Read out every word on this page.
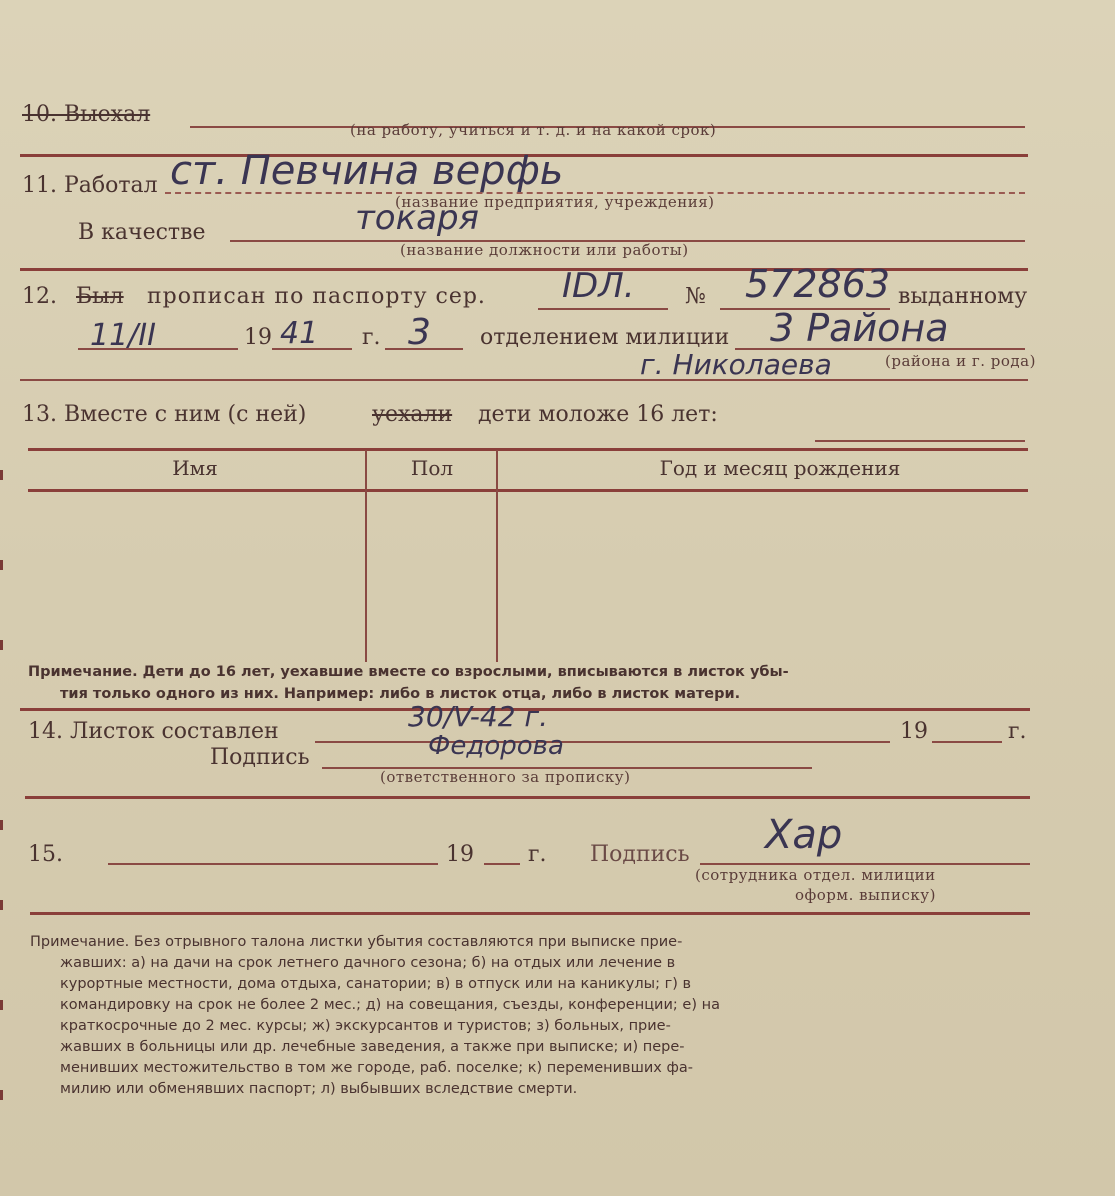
10. Выехал
(на работу, учиться и т. д. и на какой срок)
11. Работал ст. Певчина верфь
(название предприятия, учреждения)
В качестве	токаря
(название должности или работы)
12. Был прописан по паспорту сер. IDЛ. № 572863 выданному
11/II	19 41 г. 3 отделением милиции 3 Района
г. Николаева	(района и г. рода)
13. Вместе с ним (с ней)	уехали дети моложе 16 лет:
Имя	Пол	Год и месяц рождения
Примечание. Дети до 16 лет, уехавшие вместе со взрослыми, вписываются в листок убы-
тия только одного из них. Например: либо в листок отца, либо в листок матери.
14. Листок составлен	30/V-42 г.	19	г.
Подпись	Федорова
(ответственного за прописку)
15.	19 г. Подпись Хар
(сотрудника отдел. милиции
оформ. выписку)
Примечание. Без отрывного талона листки убытия составляются при выписке прие-
жавших: а) на дачи на срок летнего дачного сезона; б) на отдых или лечение в
курортные местности, дома отдыха, санатории; в) в отпуск или на каникулы; г) в
командировку на срок не более 2 мес.; д) на совещания, съезды, конференции; е) на
краткосрочные до 2 мес. курсы; ж) экскурсантов и туристов; з) больных, прие-
жавших в больницы или др. лечебные заведения, а также при выписке; и) пере-
менивших местожительство в том же городе, раб. поселке; к) переменивших фа-
милию или обменявших паспорт; л) выбывших вследствие смерти.
